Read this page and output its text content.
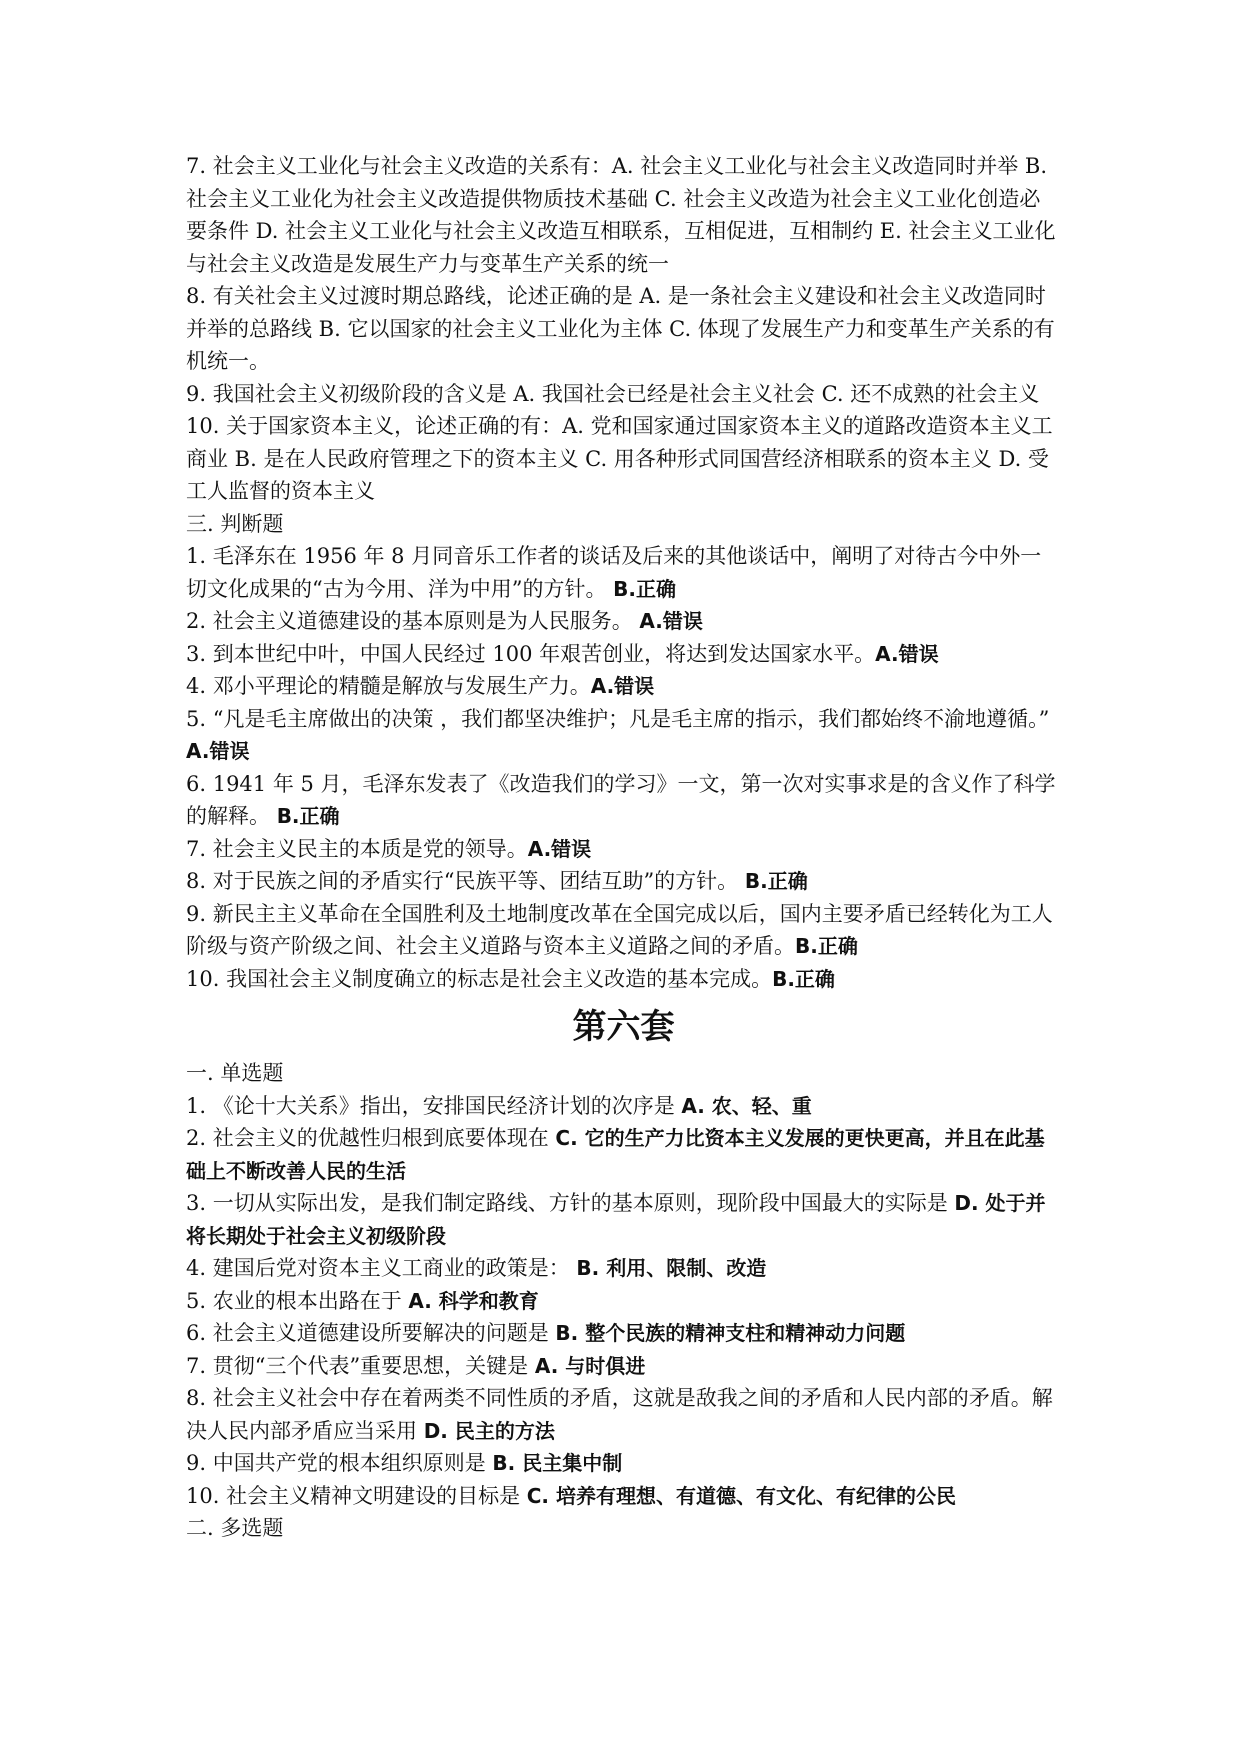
7. 社会主义工业化与社会主义改造的关系有：A. 社会主义工业化与社会主义改造同时并举 B. 社会主义工业化为社会主义改造提供物质技术基础 C. 社会主义改造为社会主义工业化创造必要条件 D. 社会主义工业化与社会主义改造互相联系，互相促进，互相制约 E. 社会主义工业化与社会主义改造是发展生产力与变革生产关系的统一

8. 有关社会主义过渡时期总路线，论述正确的是 A. 是一条社会主义建设和社会主义改造同时并举的总路线 B. 它以国家的社会主义工业化为主体 C. 体现了发展生产力和变革生产关系的有机统一。

9. 我国社会主义初级阶段的含义是 A. 我国社会已经是社会主义社会 C. 还不成熟的社会主义

10. 关于国家资本主义，论述正确的有：A. 党和国家通过国家资本主义的道路改造资本主义工商业 B. 是在人民政府管理之下的资本主义 C. 用各种形式同国营经济相联系的资本主义 D. 受工人监督的资本主义

三. 判断题

1. 毛泽东在 1956 年 8 月同音乐工作者的谈话及后来的其他谈话中，阐明了对待古今中外一切文化成果的“古为今用、洋为中用”的方针。 B.正确

2. 社会主义道德建设的基本原则是为人民服务。 A.错误

3. 到本世纪中叶，中国人民经过 100 年艰苦创业，将达到发达国家水平。A.错误

4. 邓小平理论的精髓是解放与发展生产力。A.错误

5. “凡是毛主席做出的决策 ，我们都坚决维护；凡是毛主席的指示，我们都始终不渝地遵循。” A.错误

6. 1941 年 5 月，毛泽东发表了《改造我们的学习》一文，第一次对实事求是的含义作了科学的解释。 B.正确

7. 社会主义民主的本质是党的领导。A.错误

8. 对于民族之间的矛盾实行“民族平等、团结互助”的方针。 B.正确

9. 新民主主义革命在全国胜利及土地制度改革在全国完成以后，国内主要矛盾已经转化为工人阶级与资产阶级之间、社会主义道路与资本主义道路之间的矛盾。B.正确

10. 我国社会主义制度确立的标志是社会主义改造的基本完成。B.正确

第六套

一. 单选题

1. 《论十大关系》指出，安排国民经济计划的次序是 A. 农、轻、重

2. 社会主义的优越性归根到底要体现在 C. 它的生产力比资本主义发展的更快更高，并且在此基础上不断改善人民的生活

3. 一切从实际出发，是我们制定路线、方针的基本原则，现阶段中国最大的实际是 D. 处于并将长期处于社会主义初级阶段

4. 建国后党对资本主义工商业的政策是： B. 利用、限制、改造

5. 农业的根本出路在于 A. 科学和教育

6. 社会主义道德建设所要解决的问题是 B. 整个民族的精神支柱和精神动力问题

7. 贯彻“三个代表”重要思想，关键是 A. 与时俱进

8. 社会主义社会中存在着两类不同性质的矛盾，这就是敌我之间的矛盾和人民内部的矛盾。解决人民内部矛盾应当采用 D. 民主的方法

9. 中国共产党的根本组织原则是 B. 民主集中制

10. 社会主义精神文明建设的目标是 C. 培养有理想、有道德、有文化、有纪律的公民

二. 多选题
